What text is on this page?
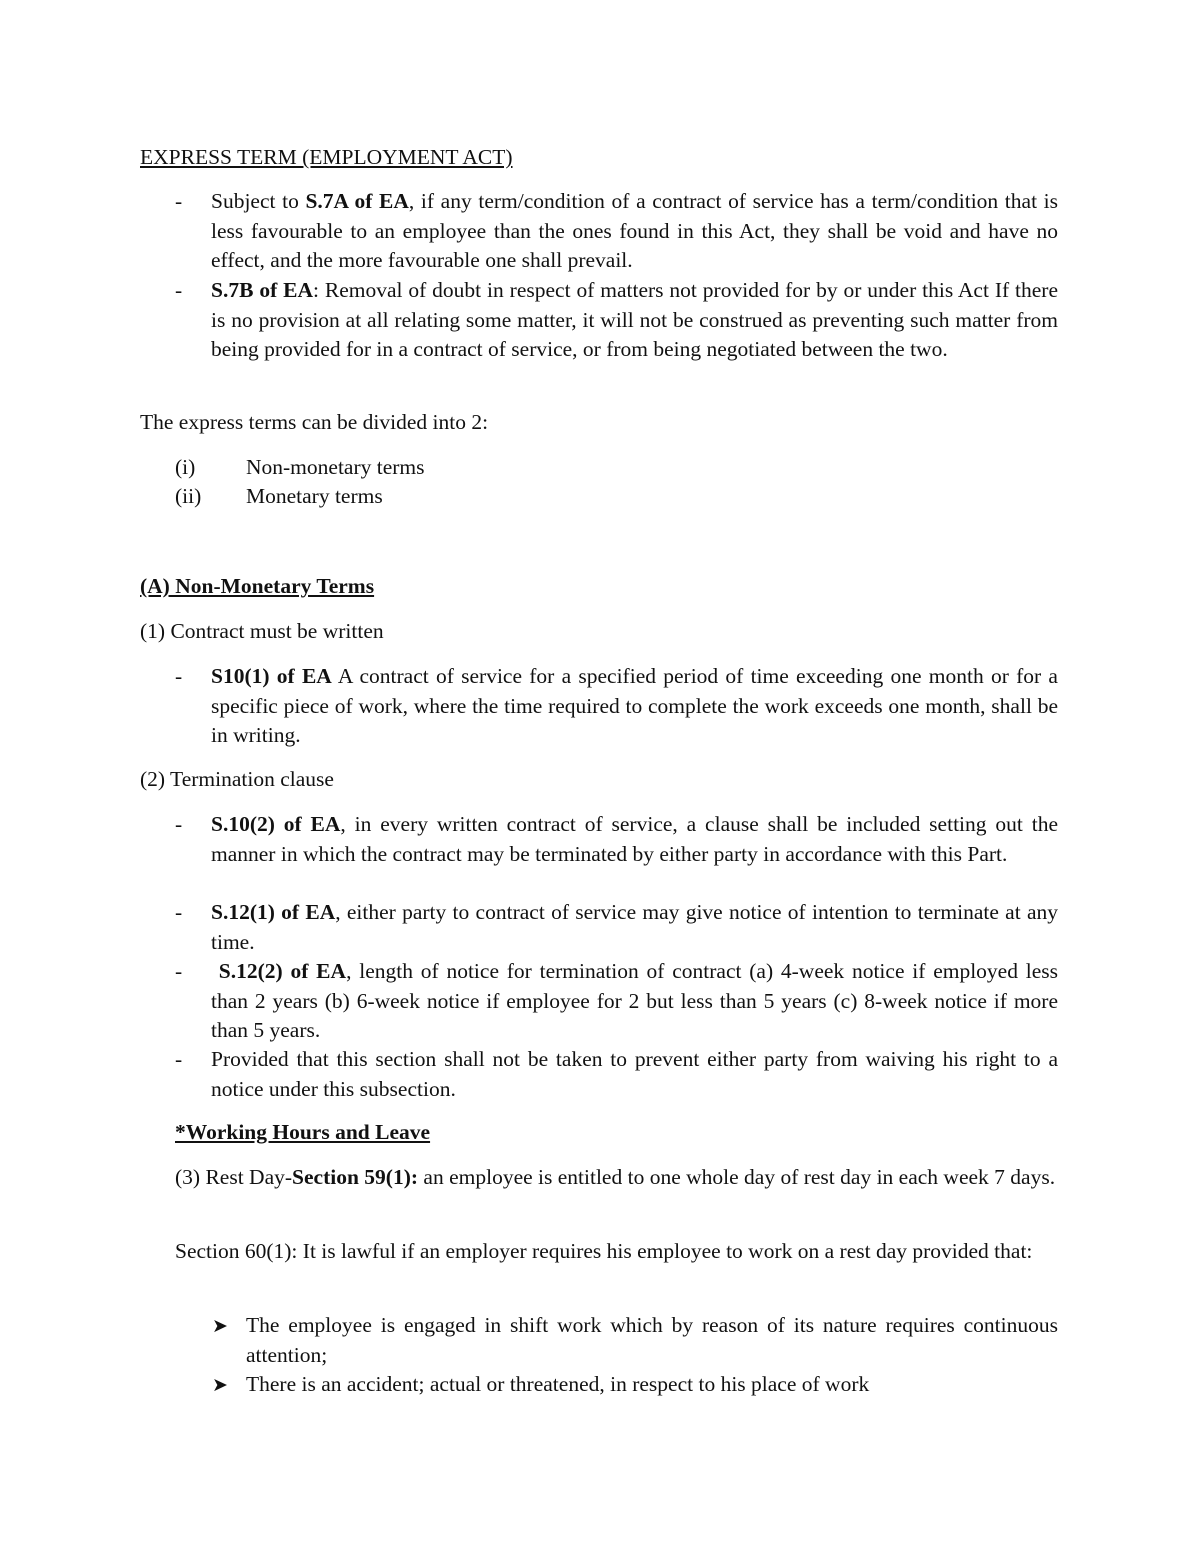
EXPRESS TERM (EMPLOYMENT ACT)

- Subject to S.7A of EA, if any term/condition of a contract of service has a term/condition that is less favourable to an employee than the ones found in this Act, they shall be void and have no effect, and the more favourable one shall prevail.

- S.7B of EA: Removal of doubt in respect of matters not provided for by or under this Act If there is no provision at all relating some matter, it will not be construed as preventing such matter from being provided for in a contract of service, or from being negotiated between the two.

The express terms can be divided into 2:

(i) Non-monetary terms
(ii) Monetary terms

(A) Non-Monetary Terms

(1) Contract must be written

- S10(1) of EA A contract of service for a specified period of time exceeding one month or for a specific piece of work, where the time required to complete the work exceeds one month, shall be in writing.

(2) Termination clause

- S.10(2) of EA, in every written contract of service, a clause shall be included setting out the manner in which the contract may be terminated by either party in accordance with this Part.

- S.12(1) of EA, either party to contract of service may give notice of intention to terminate at any time.

-	S.12(2) of EA, length of notice for termination of contract (a) 4-week notice if employed less than 2 years (b) 6-week notice if employee for 2 but less than 5 years (c) 8-week notice if more than 5 years.

- Provided that this section shall not be taken to prevent either party from waiving his right to a notice under this subsection.

*Working Hours and Leave

(3) Rest Day-Section 59(1): an employee is entitled to one whole day of rest day in each week 7 days.

Section 60(1): It is lawful if an employer requires his employee to work on a rest day provided that:

➤ The employee is engaged in shift work which by reason of its nature requires continuous attention;

➤ There is an accident; actual or threatened, in respect to his place of work
